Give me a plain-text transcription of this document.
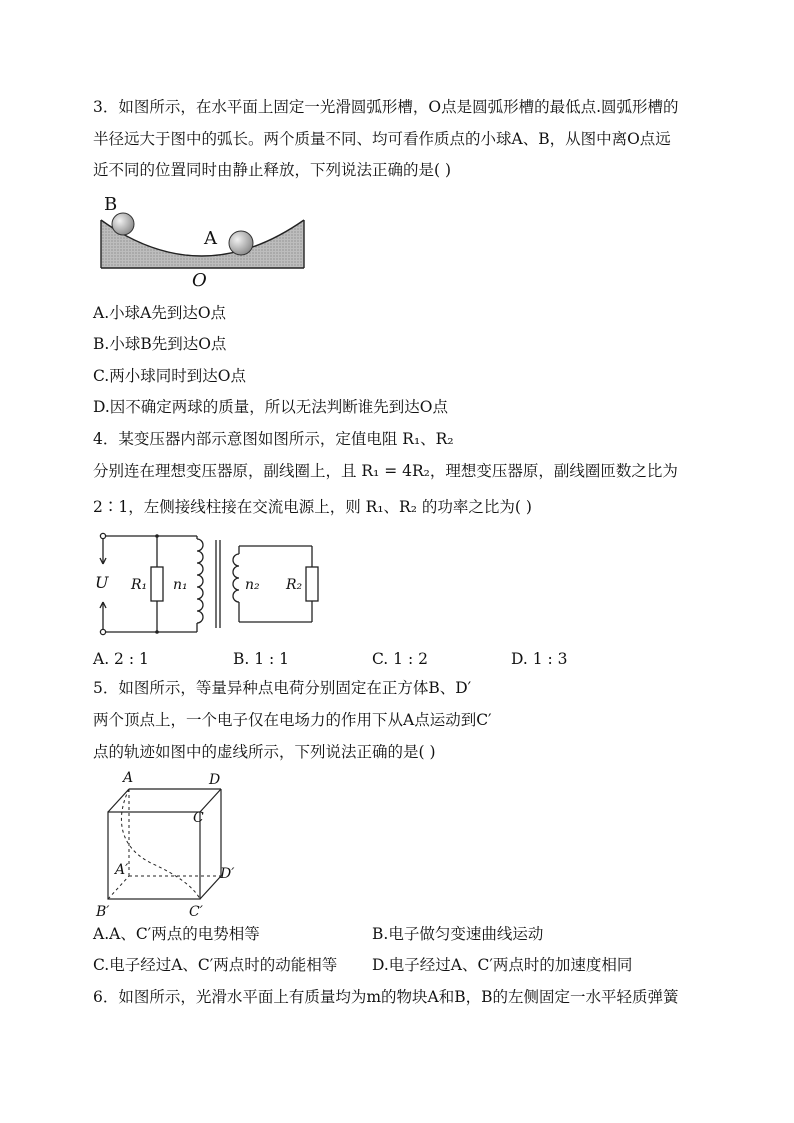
3．如图所示，在水平面上固定一光滑圆弧形槽，O点是圆弧形槽的最低点.圆弧形槽的
半径远大于图中的弧长。两个质量不同、均可看作质点的小球A、B，从图中离O点远
近不同的位置同时由静止释放，下列说法正确的是( )
B
A
O
A.小球A先到达O点
B.小球B先到达O点
C.两小球同时到达O点
D.因不确定两球的质量，所以无法判断谁先到达O点
4．某变压器内部示意图如图所示，定值电阻 R₁、R₂
分别连在理想变压器原，副线圈上，且 R₁ = 4R₂，理想变压器原，副线圈匝数之比为
2∶1，左侧接线柱接在交流电源上，则 R₁、R₂ 的功率之比为( )
U R₁ n₁	n₂ R₂
A. 2 : 1	B. 1 : 1	C. 1 : 2	D. 1 : 3
5．如图所示，等量异种点电荷分别固定在正方体B、D′
两个顶点上，一个电子仅在电场力的作用下从A点运动到C′
点的轨迹如图中的虚线所示，下列说法正确的是( )
A	D
C
A′	D′
B′	C′
A.A、C′两点的电势相等	B.电子做匀变速曲线运动
C.电子经过A、C′两点时的动能相等 D.电子经过A、C′两点时的加速度相同
6．如图所示，光滑水平面上有质量均为m的物块A和B，B的左侧固定一水平轻质弹簧
